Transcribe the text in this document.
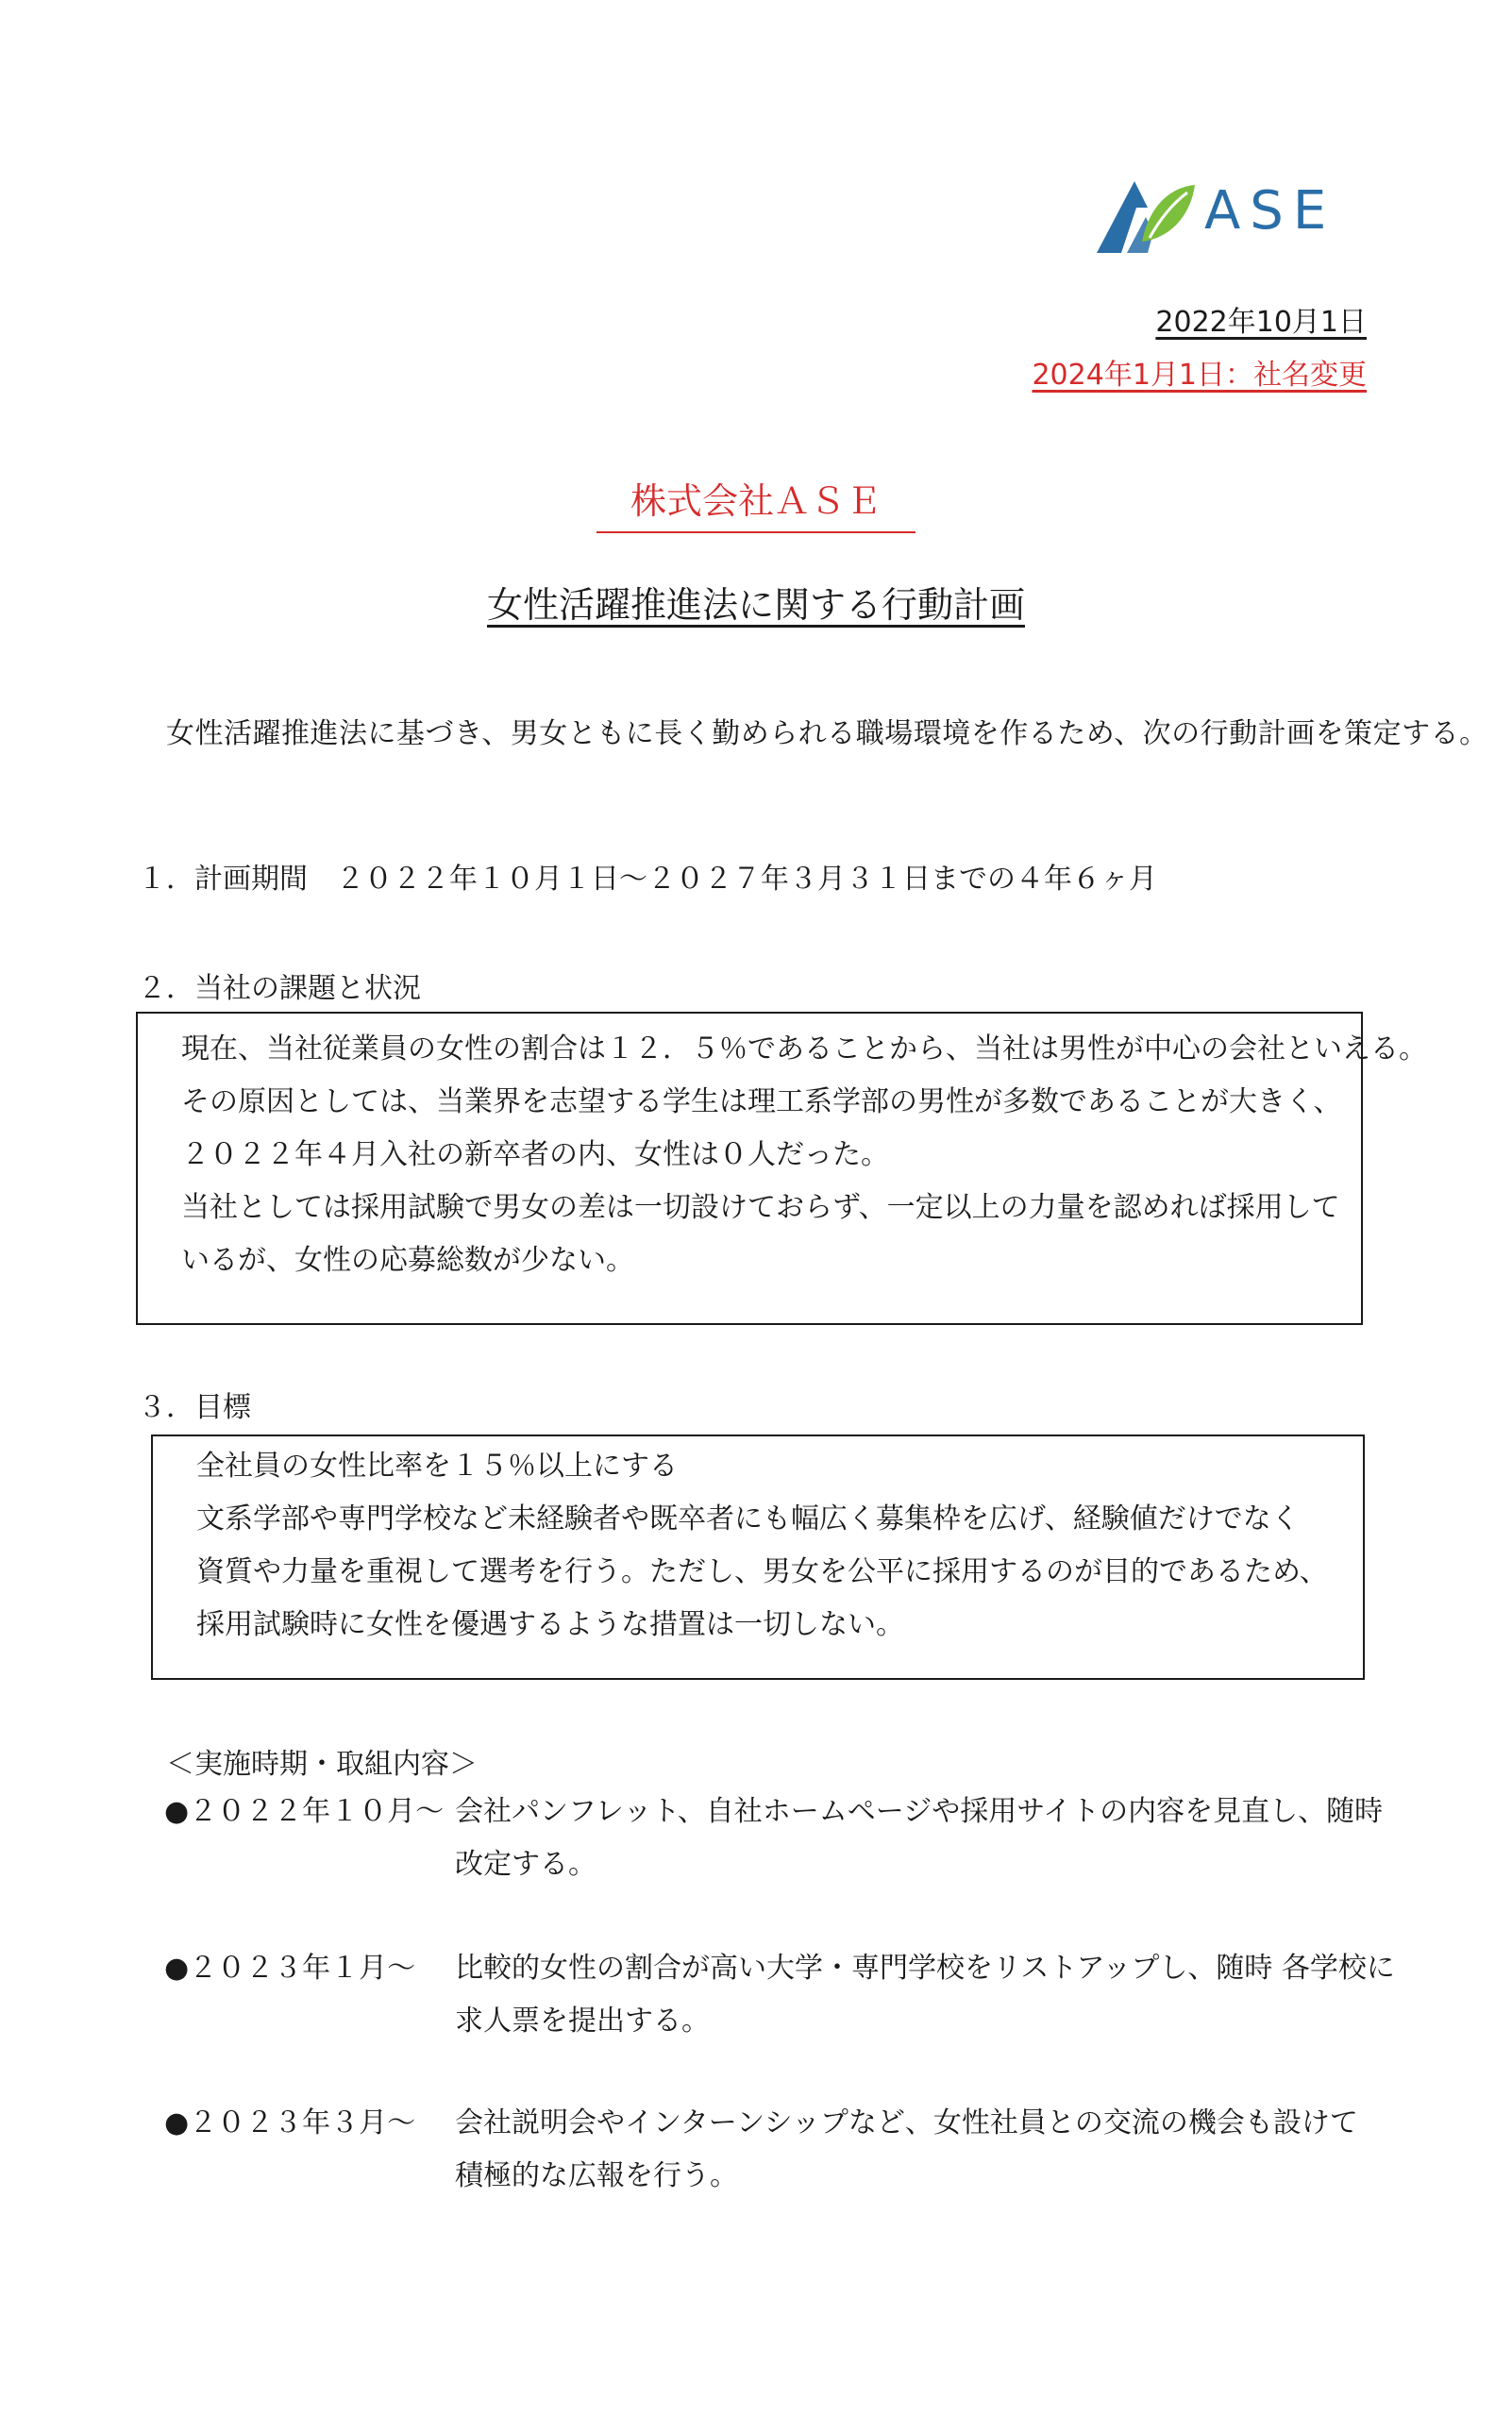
ASE
2022年10月1日
2024年1月1日：社名変更
株式会社ＡＳＥ
女性活躍推進法に関する行動計画
女性活躍推進法に基づき、男女ともに長く勤められる職場環境を作るため、次の行動計画を策定する。
１．計画期間 ２０２２年１０月１日～２０２７年３月３１日までの４年６ヶ月
２．当社の課題と状況

現在、当社従業員の女性の割合は１２．５％であることから、当社は男性が中心の会社といえる。

その原因としては、当業界を志望する学生は理工系学部の男性が多数であることが大きく、

２０２２年４月入社の新卒者の内、女性は０人だった。

当社としては採用試験で男女の差は一切設けておらず、一定以上の力量を認めれば採用して

いるが、女性の応募総数が少ない。

３．目標

全社員の女性比率を１５％以上にする

文系学部や専門学校など未経験者や既卒者にも幅広く募集枠を広げ、経験値だけでなく

資質や力量を重視して選考を行う。ただし、男女を公平に採用するのが目的であるため、

採用試験時に女性を優遇するような措置は一切しない。

＜実施時期・取組内容＞
●２０２２年１０月～ 会社パンフレット、自社ホームページや採用サイトの内容を見直し、随時
改定する。
●２０２３年１月～ 比較的女性の割合が高い大学・専門学校をリストアップし、随時 各学校に
求人票を提出する。
●２０２３年３月～ 会社説明会やインターンシップなど、女性社員との交流の機会も設けて
積極的な広報を行う。
